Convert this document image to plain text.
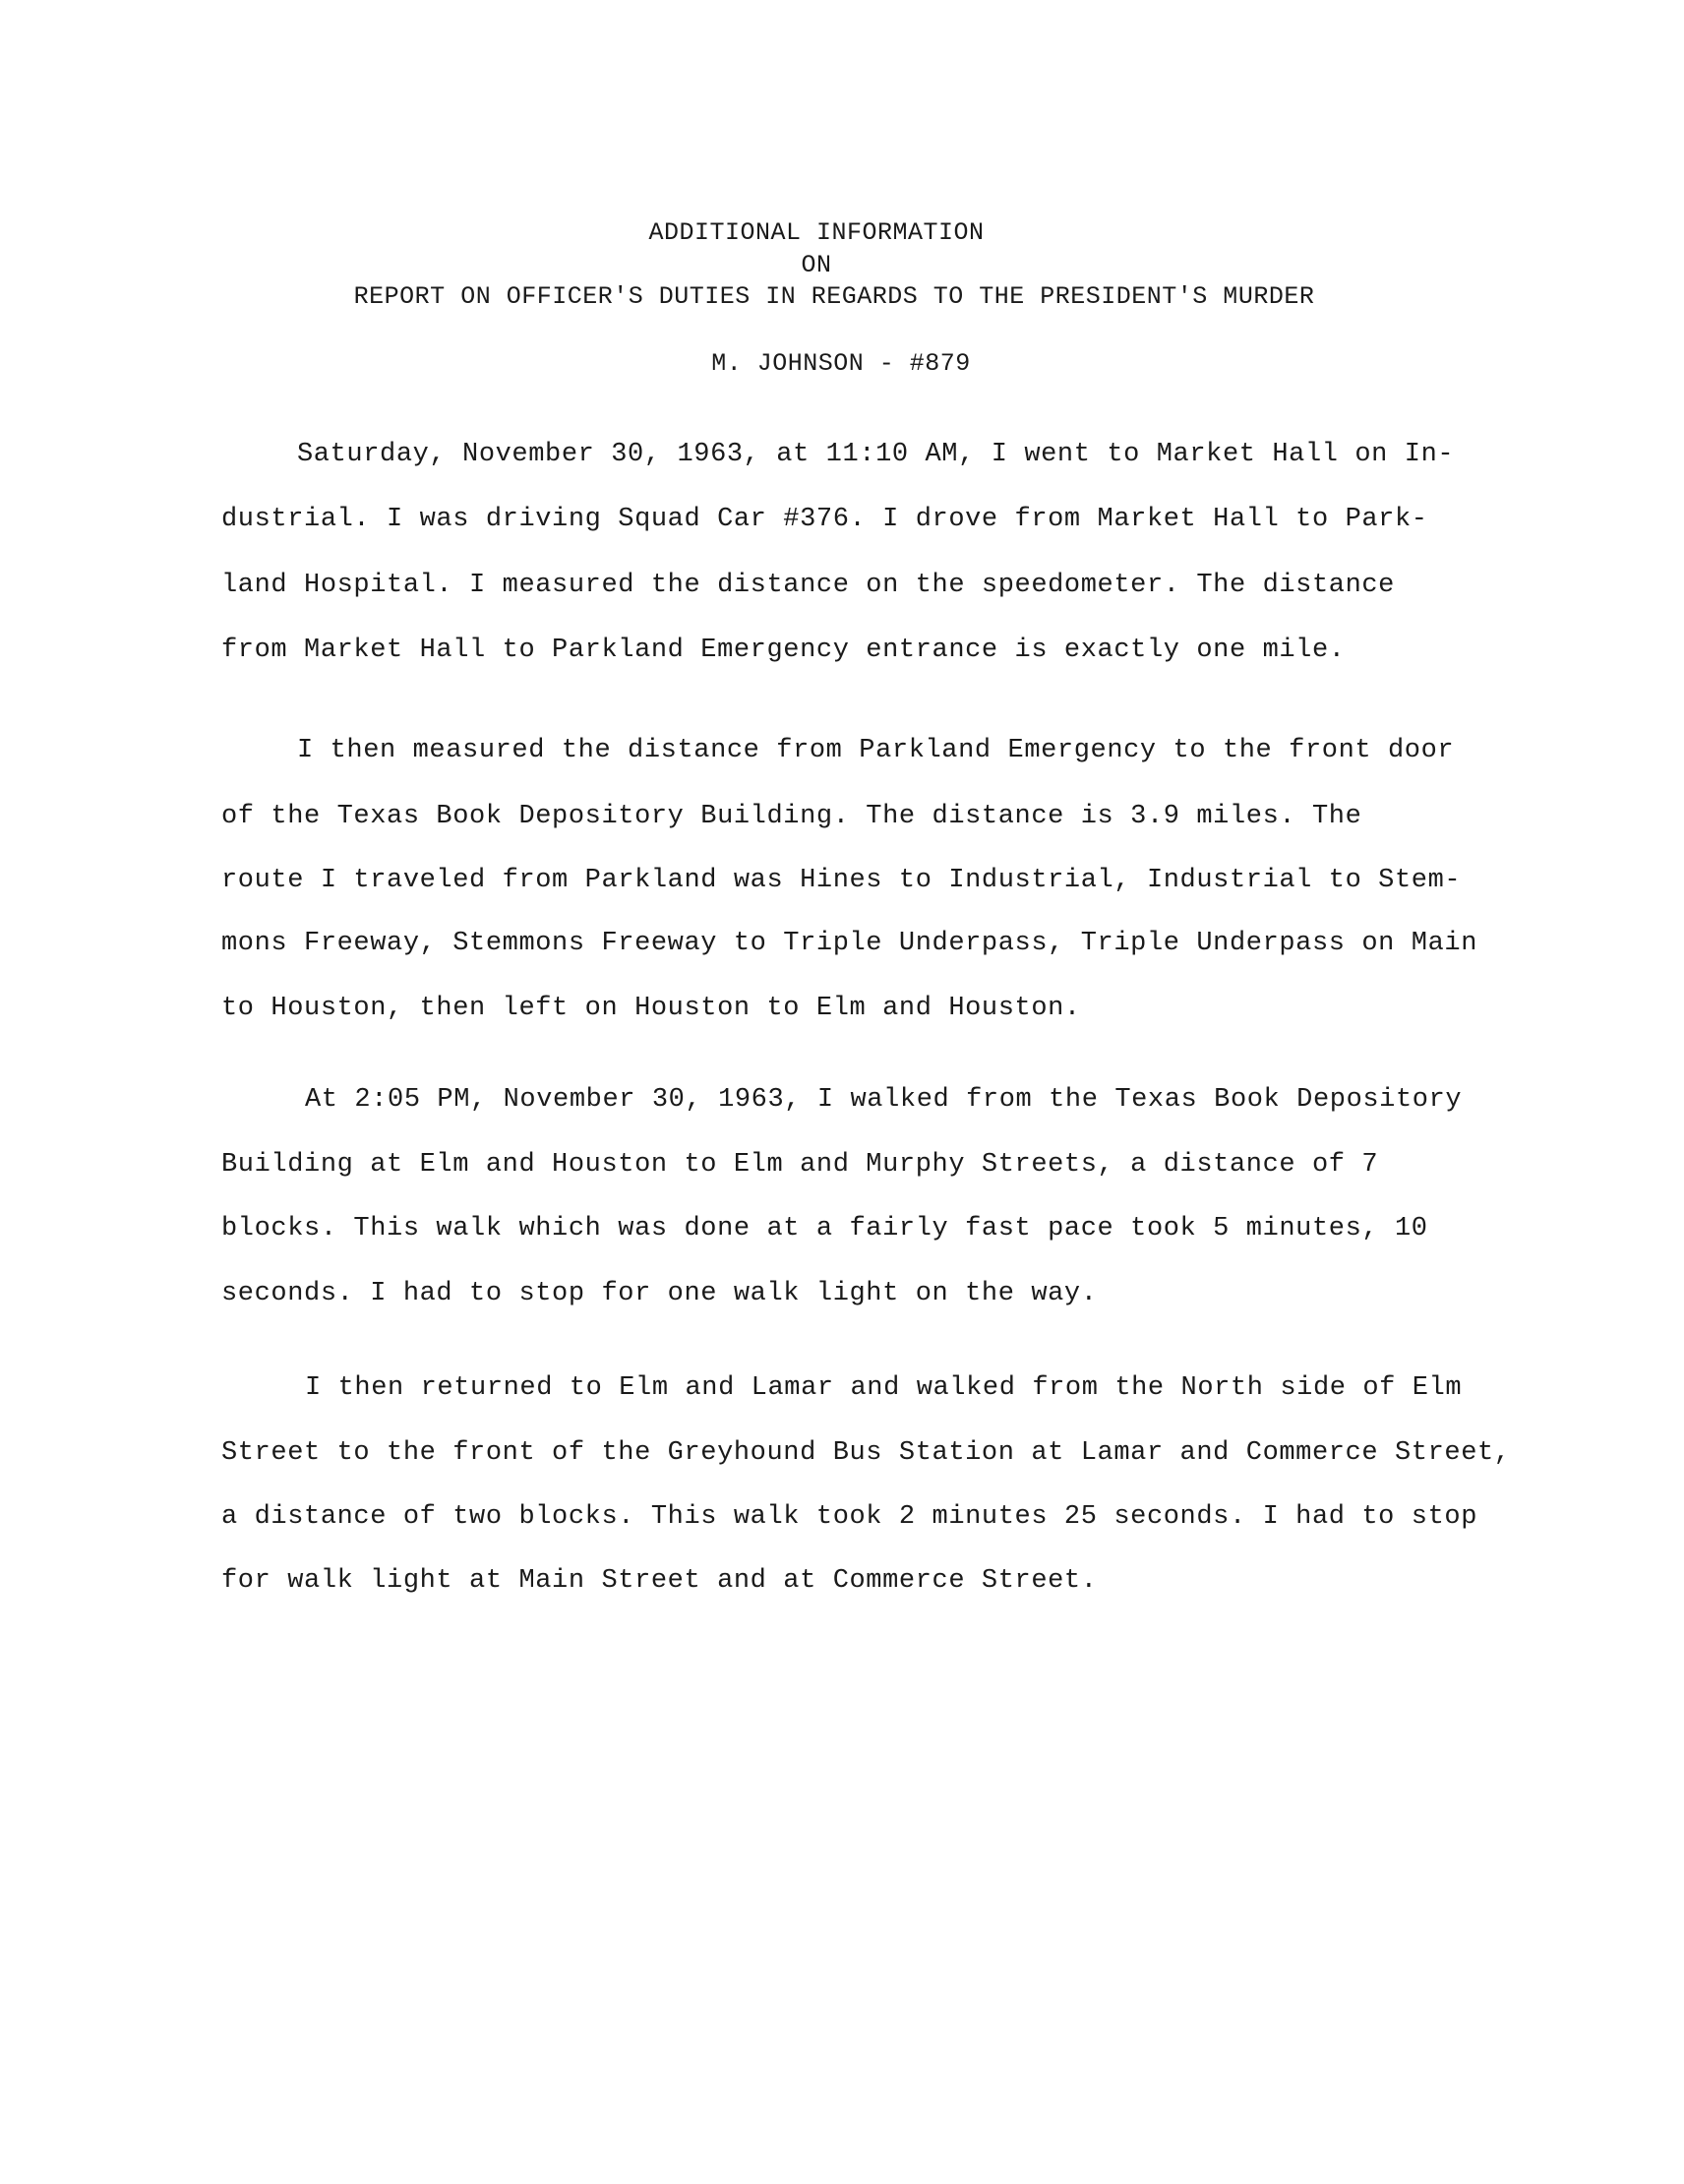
ADDITIONAL INFORMATION
ON
REPORT ON OFFICER'S DUTIES IN REGARDS TO THE PRESIDENT'S MURDER
M. JOHNSON - #879
Saturday, November 30, 1963, at 11:10 AM, I went to Market Hall on In-
dustrial. I was driving Squad Car #376. I drove from Market Hall to Park-
land Hospital. I measured the distance on the speedometer. The distance
from Market Hall to Parkland Emergency entrance is exactly one mile.
I then measured the distance from Parkland Emergency to the front door
of the Texas Book Depository Building. The distance is 3.9 miles. The
route I traveled from Parkland was Hines to Industrial, Industrial to Stem-
mons Freeway, Stemmons Freeway to Triple Underpass, Triple Underpass on Main
to Houston, then left on Houston to Elm and Houston.
At 2:05 PM, November 30, 1963, I walked from the Texas Book Depository
Building at Elm and Houston to Elm and Murphy Streets, a distance of 7
blocks. This walk which was done at a fairly fast pace took 5 minutes, 10
seconds. I had to stop for one walk light on the way.
I then returned to Elm and Lamar and walked from the North side of Elm
Street to the front of the Greyhound Bus Station at Lamar and Commerce Street,
a distance of two blocks. This walk took 2 minutes 25 seconds. I had to stop
for walk light at Main Street and at Commerce Street.
